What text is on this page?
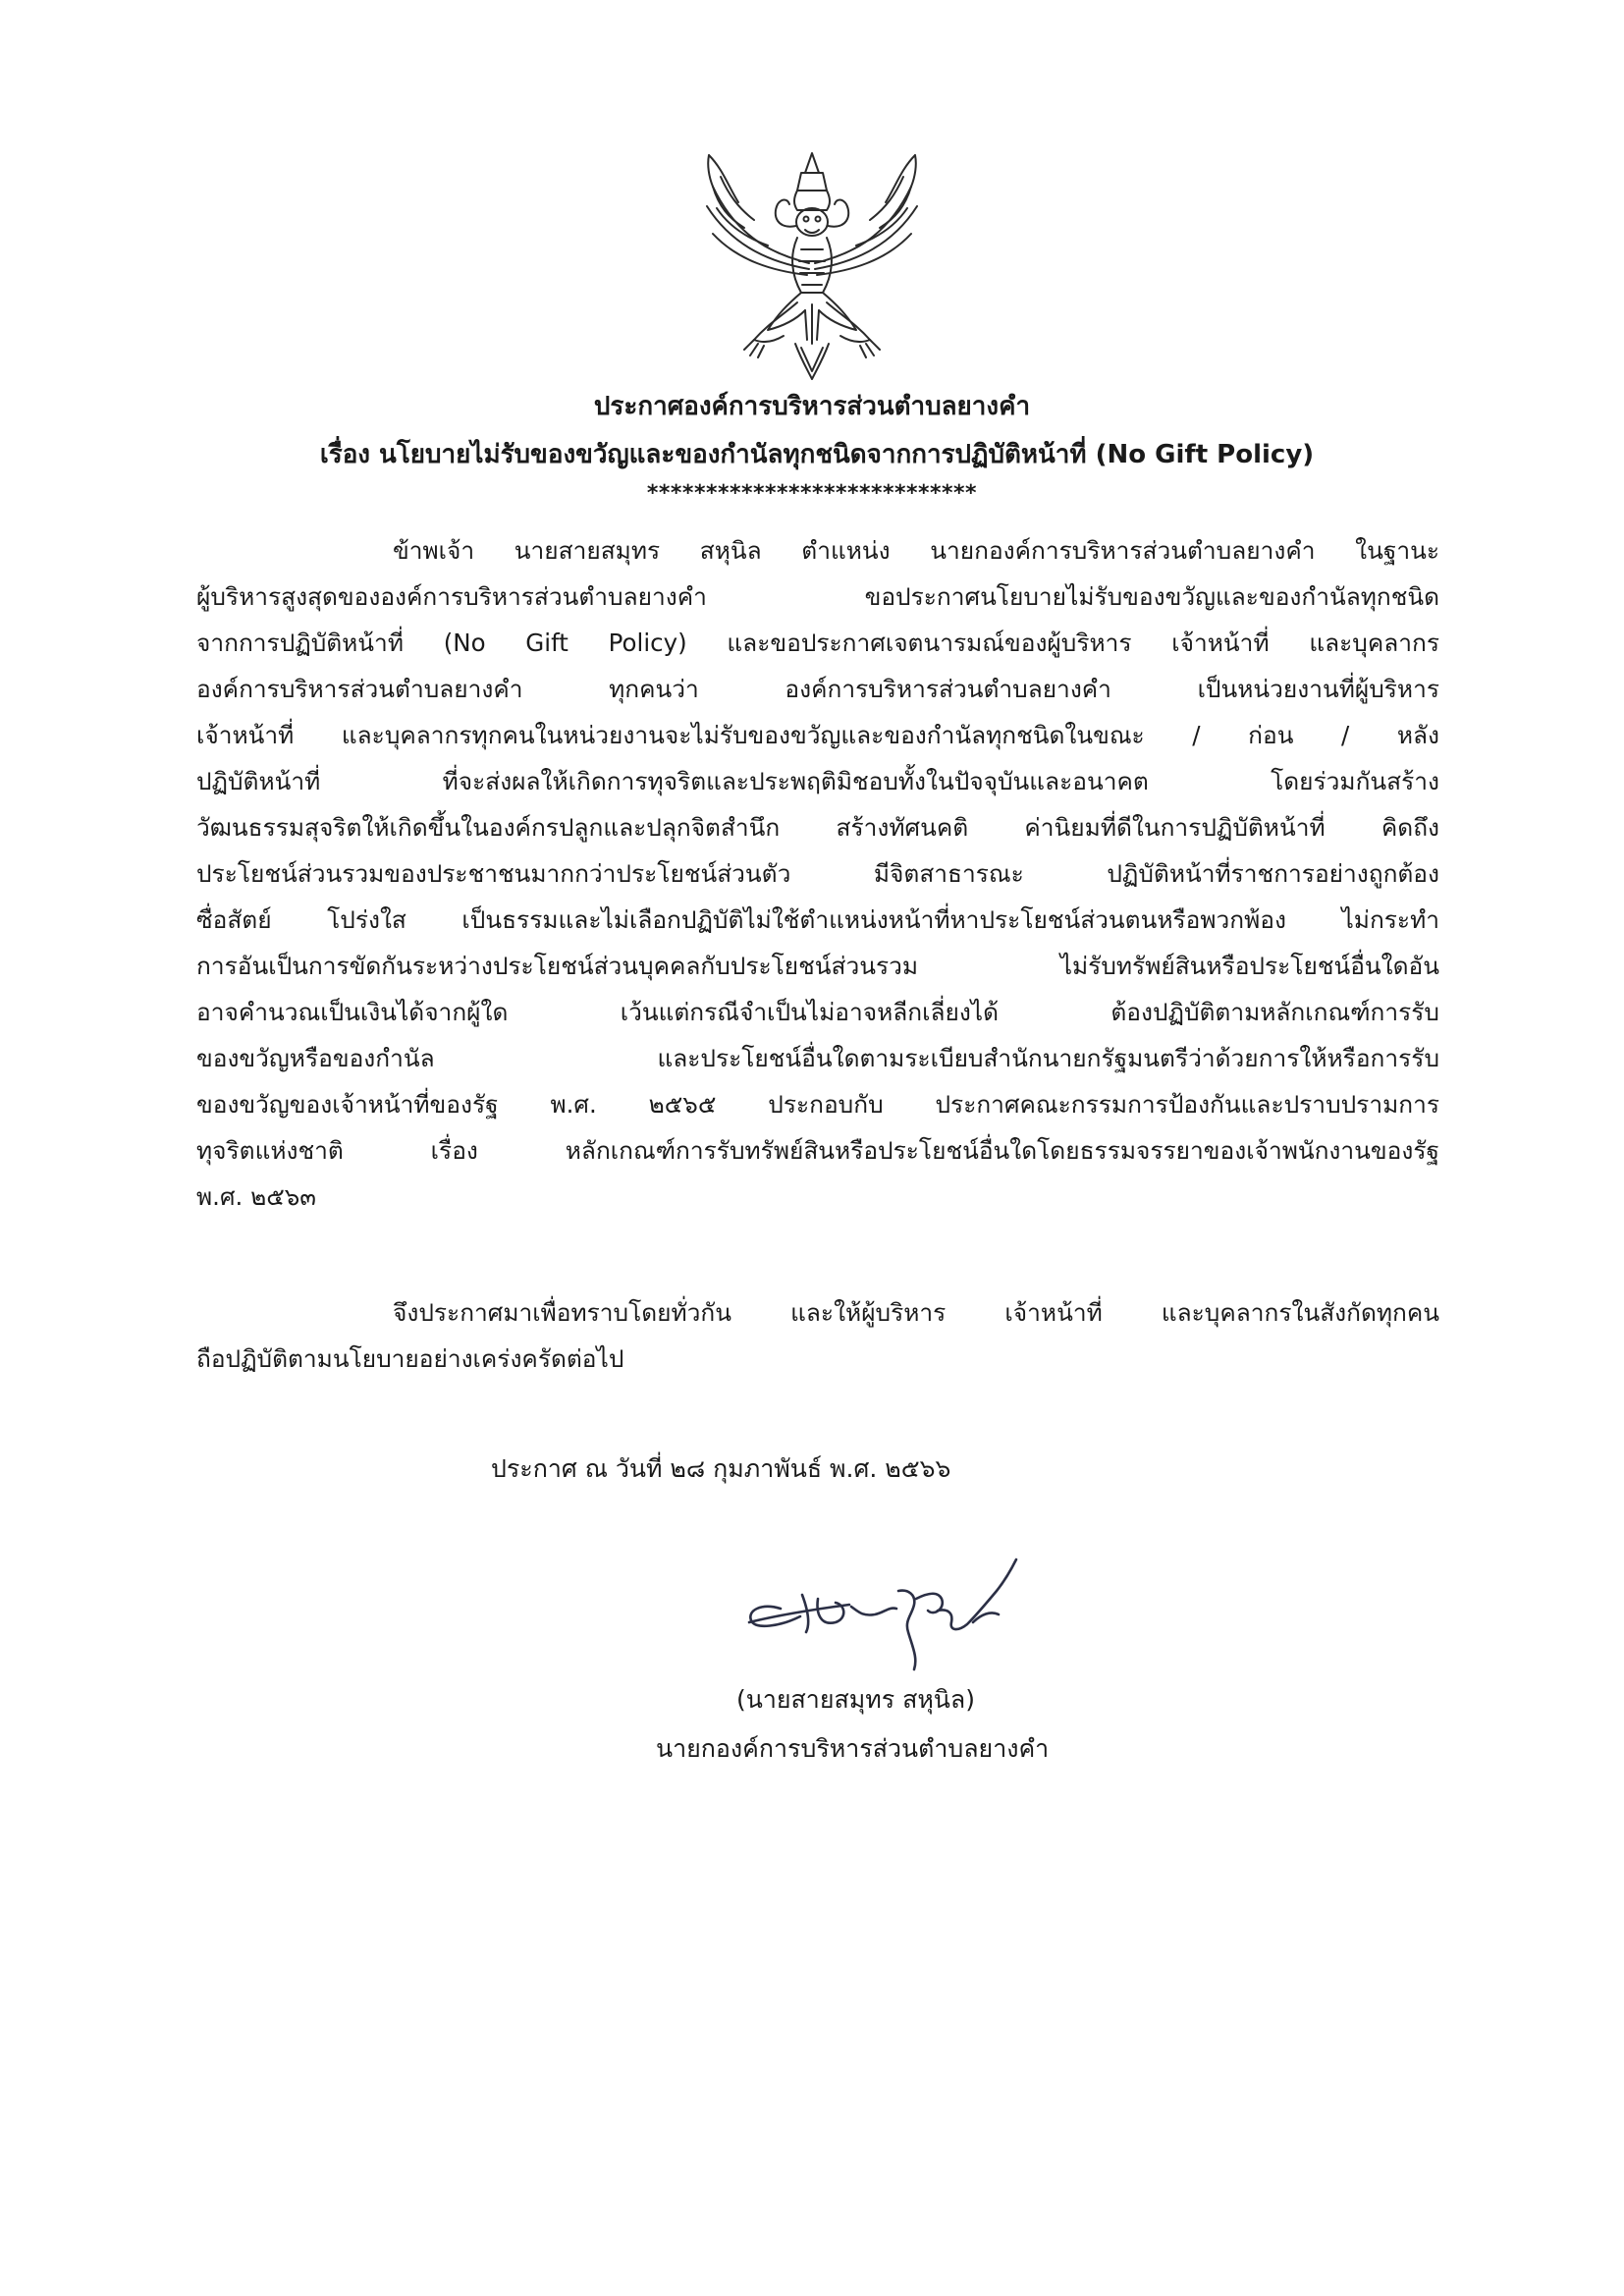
ประกาศองค์การบริหารส่วนตำบลยางคำ
เรื่อง นโยบายไม่รับของขวัญและของกำนัลทุกชนิดจากการปฏิบัติหน้าที่ (No Gift Policy)
****************************
ข้าพเจ้า นายสายสมุทร สหุนิล ตำแหน่ง นายกองค์การบริหารส่วนตำบลยางคำ ในฐานะ
ผู้บริหารสูงสุดขององค์การบริหารส่วนตำบลยางคำ ขอประกาศนโยบายไม่รับของขวัญและของกำนัลทุกชนิด
จากการปฏิบัติหน้าที่ (No Gift Policy) และขอประกาศเจตนารมณ์ของผู้บริหาร เจ้าหน้าที่ และบุคลากร
องค์การบริหารส่วนตำบลยางคำ ทุกคนว่า องค์การบริหารส่วนตำบลยางคำ เป็นหน่วยงานที่ผู้บริหาร
เจ้าหน้าที่ และบุคลากรทุกคนในหน่วยงานจะไม่รับของขวัญและของกำนัลทุกชนิดในขณะ / ก่อน / หลัง
ปฏิบัติหน้าที่ ที่จะส่งผลให้เกิดการทุจริตและประพฤติมิชอบทั้งในปัจจุบันและอนาคต โดยร่วมกันสร้าง
วัฒนธรรมสุจริตให้เกิดขึ้นในองค์กรปลูกและปลุกจิตสำนึก สร้างทัศนคติ ค่านิยมที่ดีในการปฏิบัติหน้าที่ คิดถึง
ประโยชน์ส่วนรวมของประชาชนมากกว่าประโยชน์ส่วนตัว มีจิตสาธารณะ ปฏิบัติหน้าที่ราชการอย่างถูกต้อง
ซื่อสัตย์ โปร่งใส เป็นธรรมและไม่เลือกปฏิบัติไม่ใช้ตำแหน่งหน้าที่หาประโยชน์ส่วนตนหรือพวกพ้อง ไม่กระทำ
การอันเป็นการขัดกันระหว่างประโยชน์ส่วนบุคคลกับประโยชน์ส่วนรวม ไม่รับทรัพย์สินหรือประโยชน์อื่นใดอัน
อาจคำนวณเป็นเงินได้จากผู้ใด เว้นแต่กรณีจำเป็นไม่อาจหลีกเลี่ยงได้ ต้องปฏิบัติตามหลักเกณฑ์การรับ
ของขวัญหรือของกำนัล และประโยชน์อื่นใดตามระเบียบสำนักนายกรัฐมนตรีว่าด้วยการให้หรือการรับ
ของขวัญของเจ้าหน้าที่ของรัฐ พ.ศ. ๒๕๖๕ ประกอบกับ ประกาศคณะกรรมการป้องกันและปราบปรามการ
ทุจริตแห่งชาติ เรื่อง หลักเกณฑ์การรับทรัพย์สินหรือประโยชน์อื่นใดโดยธรรมจรรยาของเจ้าพนักงานของรัฐ
พ.ศ. ๒๕๖๓
จึงประกาศมาเพื่อทราบโดยทั่วกัน และให้ผู้บริหาร เจ้าหน้าที่ และบุคลากรในสังกัดทุกคน
ถือปฏิบัติตามนโยบายอย่างเคร่งครัดต่อไป
ประกาศ ณ วันที่ ๒๘ กุมภาพันธ์ พ.ศ. ๒๕๖๖
(นายสายสมุทร สหุนิล)
นายกองค์การบริหารส่วนตำบลยางคำ
